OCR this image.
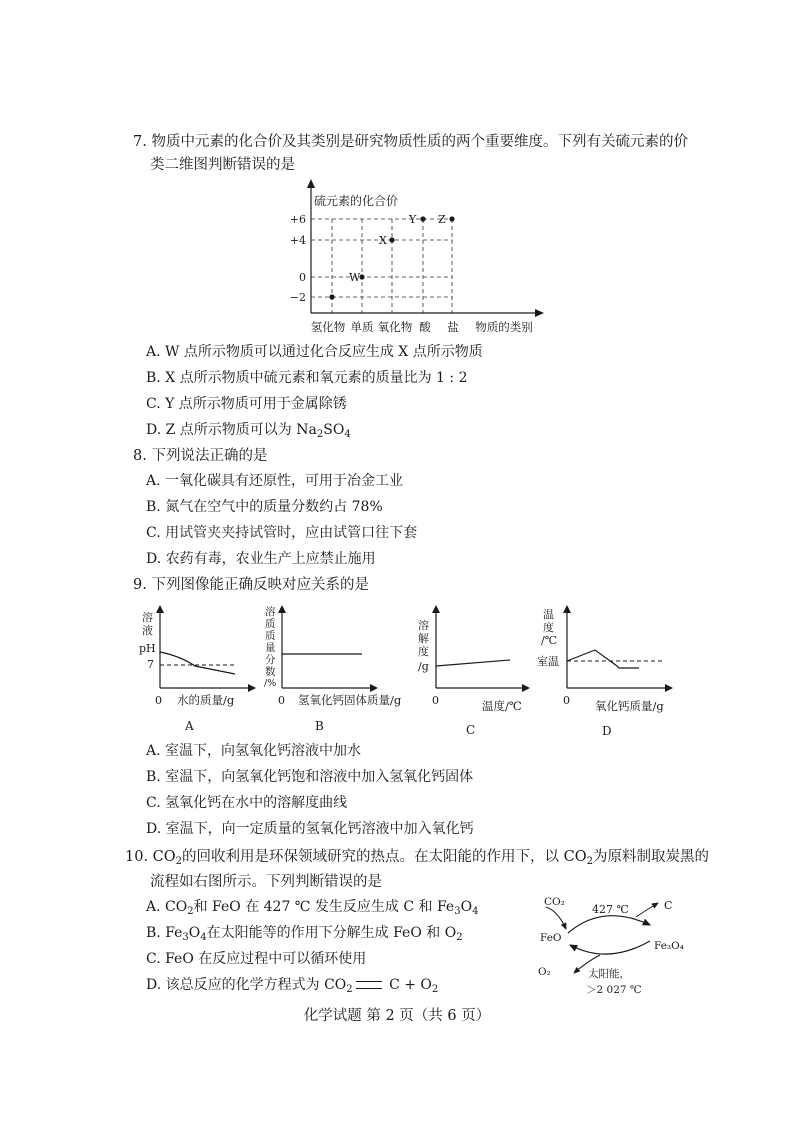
7. 物质中元素的化合价及其类别是研究物质性质的两个重要维度。下列有关硫元素的价
类二维图判断错误的是
硫元素的化合价
+6
+4
0
−2
氢化物 单质 氧化物 酸 盐 物质的类别
W
X
Y Z
A. W 点所示物质可以通过化合反应生成 X 点所示物质
B. X 点所示物质中硫元素和氧元素的质量比为 1 : 2
C. Y 点所示物质可用于金属除锈
D. Z 点所示物质可以为 $Na_2SO_4$
8. 下列说法正确的是
A. 一氧化碳具有还原性，可用于冶金工业
B. 氮气在空气中的质量分数约占 78%
C. 用试管夹夹持试管时，应由试管口往下套
D. 农药有毒，农业生产上应禁止施用
9. 下列图像能正确反映对应关系的是
溶
液
pH
7
0 水的质量/g
A
溶
质
质
量
分
数
/%
0 氢氧化钙固体质量/g
B
溶
解
度
/g
0	温度/℃
C
温
度
/℃
室温
0 氧化钙质量/g
D
A. 室温下，向氢氧化钙溶液中加水
B. 室温下，向氢氧化钙饱和溶液中加入氢氧化钙固体
C. 氢氧化钙在水中的溶解度曲线
D. 室温下，向一定质量的氢氧化钙溶液中加入氧化钙
10. $CO_2$的回收利用是环保领域研究的热点。在太阳能的作用下，以 $CO_2$为原料制取炭黑的
流程如右图所示。下列判断错误的是
A. $CO_2$和 FeO 在 427 ℃ 发生反应生成 C 和 $Fe_3O_4$
B. $Fe_3O_4$在太阳能等的作用下分解生成 FeO 和 $O_2$
C. FeO 在反应过程中可以循环使用
D. 该总反应的化学方程式为 $CO_2$ $C + O_2$
CO₂
427 ℃	C
FeO
Fe₃O₄
O₂	太阳能，
＞2 027 ℃
化学试题 第 2 页（共 6 页）
